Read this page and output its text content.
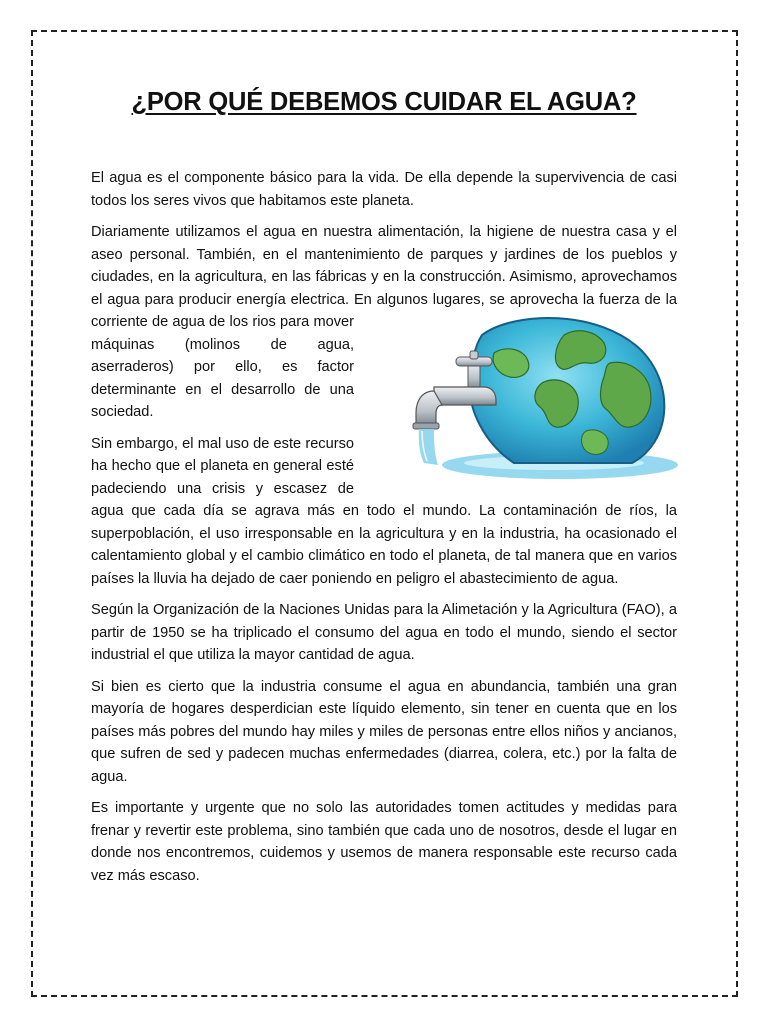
¿POR QUÉ DEBEMOS CUIDAR EL AGUA?

El agua es el componente básico para la vida. De ella depende la supervivencia de casi todos los seres vivos que habitamos este planeta.

Diariamente utilizamos el agua en nuestra alimentación, la higiene de nuestra casa y el aseo personal. También, en el mantenimiento de parques y jardines de los pueblos y ciudades, en la agricultura, en las fábricas y en la construcción. Asimismo, aprovechamos el agua para producir energía electrica. En algunos lugares, se aprovecha la fuerza de la corriente de agua de los rios para mover máquinas (molinos de agua, aserraderos) por ello, es factor determinante en el desarrollo de una sociedad.

Sin embargo, el mal uso de este recurso ha hecho que el planeta en general esté padeciendo una crisis y escasez de agua que cada día se agrava más en todo el mundo. La contaminación de ríos, la superpoblación, el uso irresponsable en la agricultura y en la industria, ha ocasionado el calentamiento global y el cambio climático en todo el planeta, de tal manera que en varios países la lluvia ha dejado de caer poniendo en peligro el abastecimiento de agua.

Según la Organización de la Naciones Unidas para la Alimetación y la Agricultura (FAO), a partir de 1950 se ha triplicado el consumo del agua en todo el mundo, siendo el sector industrial el que utiliza la mayor cantidad de agua.

Si bien es cierto que la industria consume el agua en abundancia, también una gran mayoría de hogares desperdician este líquido elemento, sin tener en cuenta que en los países más pobres del mundo hay miles y miles de personas entre ellos niños y ancianos, que sufren de sed y padecen muchas enfermedades (diarrea, colera, etc.) por la falta de agua.

Es importante y urgente que no solo las autoridades tomen actitudes y medidas para frenar y revertir este problema, sino también que cada uno de nosotros, desde el lugar en donde nos encontremos, cuidemos y usemos de manera responsable este recurso cada vez más escaso.
